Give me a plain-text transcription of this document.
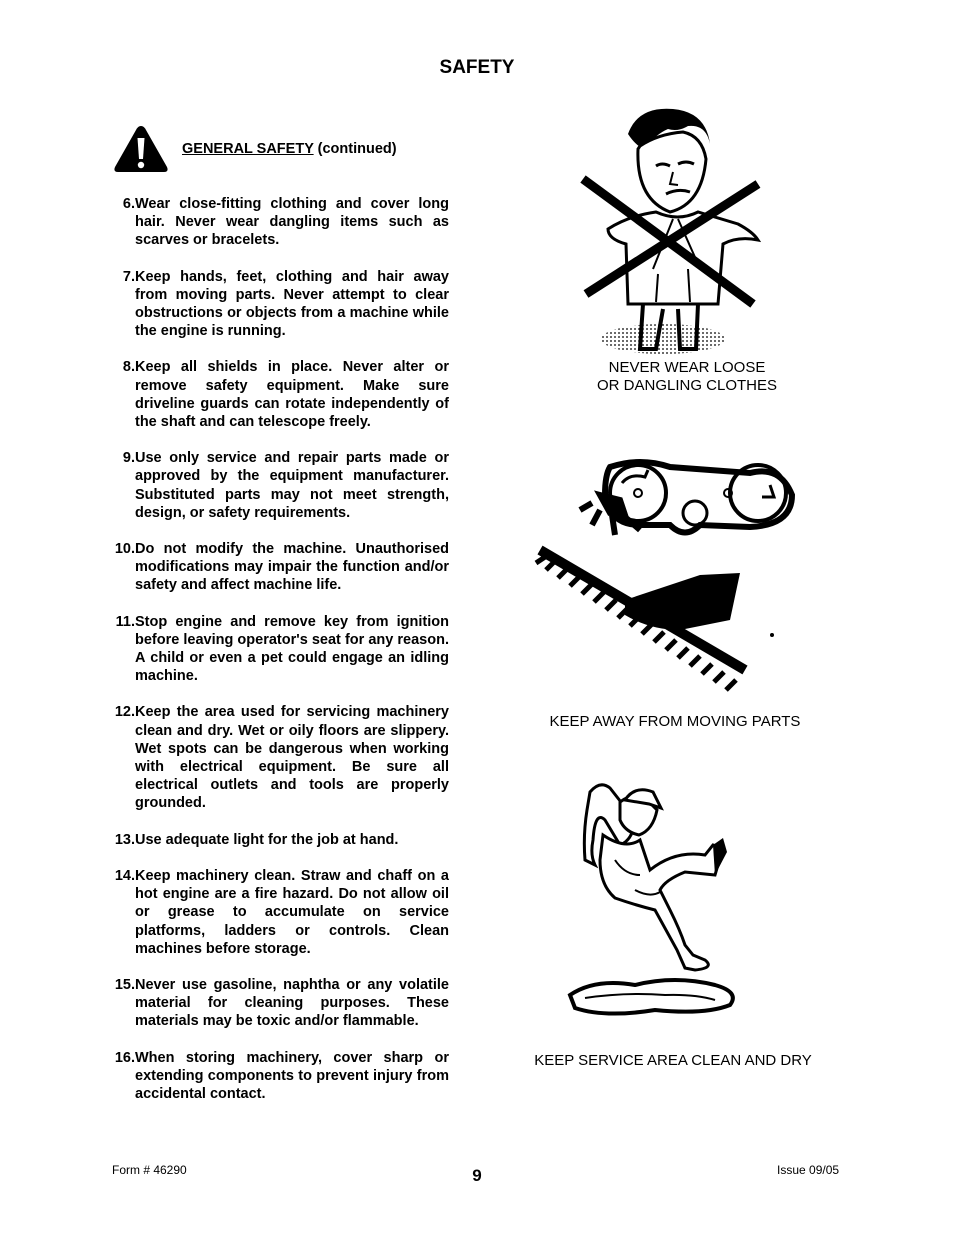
SAFETY
GENERAL SAFETY (continued)
6. Wear close-fitting clothing and cover long hair. Never wear dangling items such as scarves or bracelets.
7. Keep hands, feet, clothing and hair away from moving parts. Never attempt to clear obstructions or objects from a machine while the engine is running.
8. Keep all shields in place. Never alter or remove safety equipment. Make sure driveline guards can rotate independently of the shaft and can telescope freely.
9. Use only service and repair parts made or approved by the equipment manufacturer. Substituted parts may not meet strength, design, or safety requirements.
10. Do not modify the machine. Unauthorised modifications may impair the function and/or safety and affect machine life.
11. Stop engine and remove key from ignition before leaving operator's seat for any reason. A child or even a pet could engage an idling machine.
12. Keep the area used for servicing machinery clean and dry. Wet or oily floors are slippery. Wet spots can be dangerous when working with electrical equipment. Be sure all electrical outlets and tools are properly grounded.
13. Use adequate light for the job at hand.
14. Keep machinery clean. Straw and chaff on a hot engine are a fire hazard. Do not allow oil or grease to accumulate on service platforms, ladders or controls. Clean machines before storage.
15. Never use gasoline, naphtha or any volatile material for cleaning purposes. These materials may be toxic and/or flammable.
16. When storing machinery, cover sharp or extending components to prevent injury from accidental contact.
NEVER WEAR LOOSE
OR DANGLING CLOTHES
KEEP AWAY FROM MOVING PARTS
KEEP SERVICE AREA CLEAN AND DRY
Form # 46290	9	Issue 09/05
